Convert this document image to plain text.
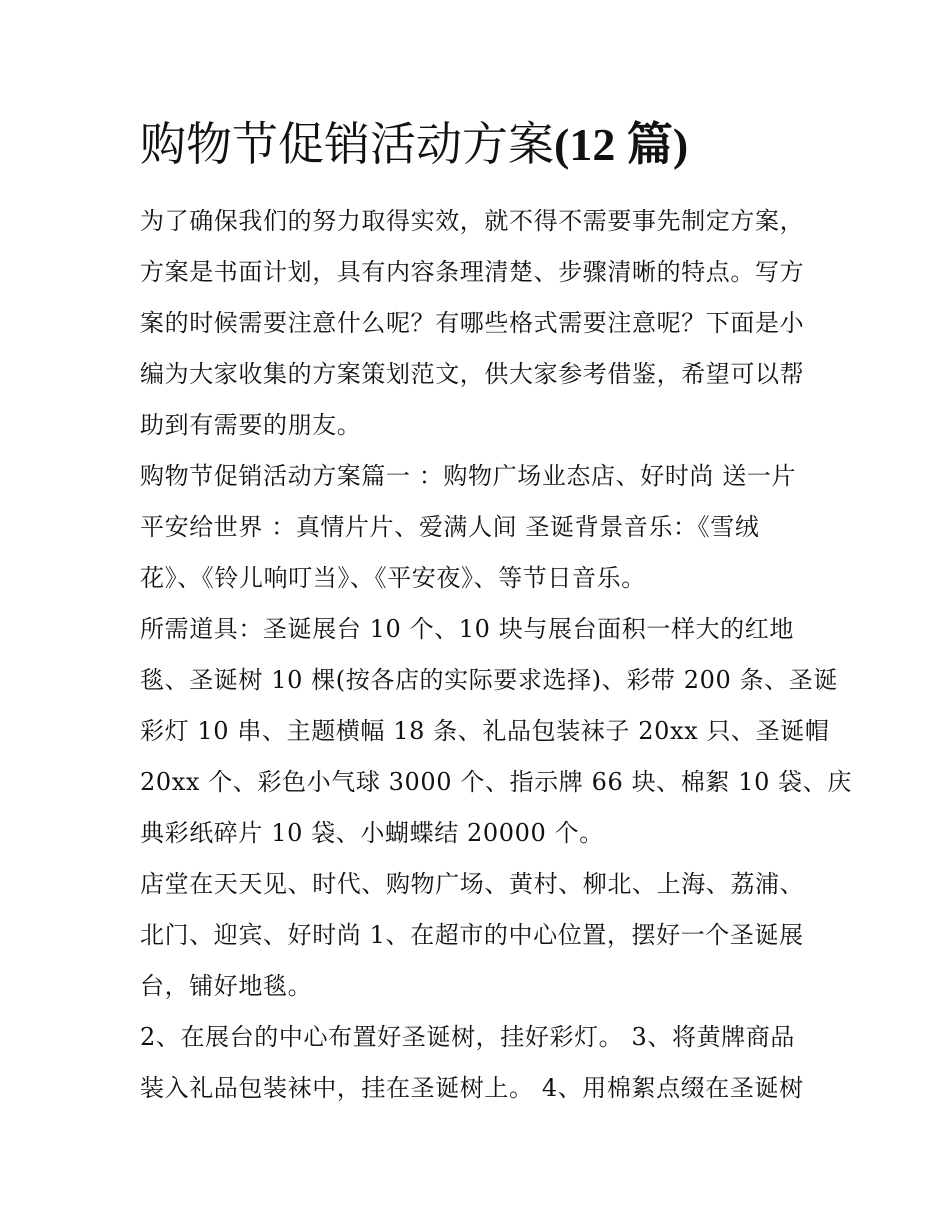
购物节促销活动方案(12 篇)
为了确保我们的努力取得实效，就不得不需要事先制定方案，
方案是书面计划，具有内容条理清楚、步骤清晰的特点。写方
案的时候需要注意什么呢？有哪些格式需要注意呢？下面是小
编为大家收集的方案策划范文，供大家参考借鉴，希望可以帮
助到有需要的朋友。
购物节促销活动方案篇一 ：购物广场业态店、好时尚 送一片
平安给世界 ：真情片片、爱满人间 圣诞背景音乐：《雪绒
花》、《铃儿响叮当》、《平安夜》、等节日音乐。
所需道具：圣诞展台 10 个、10 块与展台面积一样大的红地
毯、圣诞树 10 棵(按各店的实际要求选择)、彩带 200 条、圣诞
彩灯 10 串、主题横幅 18 条、礼品包装袜子 20xx 只、圣诞帽
20xx 个、彩色小气球 3000 个、指示牌 66 块、棉絮 10 袋、庆
典彩纸碎片 10 袋、小蝴蝶结 20000 个。
店堂在天天见、时代、购物广场、黄村、柳北、上海、荔浦、
北门、迎宾、好时尚 1、在超市的中心位置，摆好一个圣诞展
台，铺好地毯。
2、在展台的中心布置好圣诞树，挂好彩灯。 3、将黄牌商品
装入礼品包装袜中，挂在圣诞树上。 4、用棉絮点缀在圣诞树
